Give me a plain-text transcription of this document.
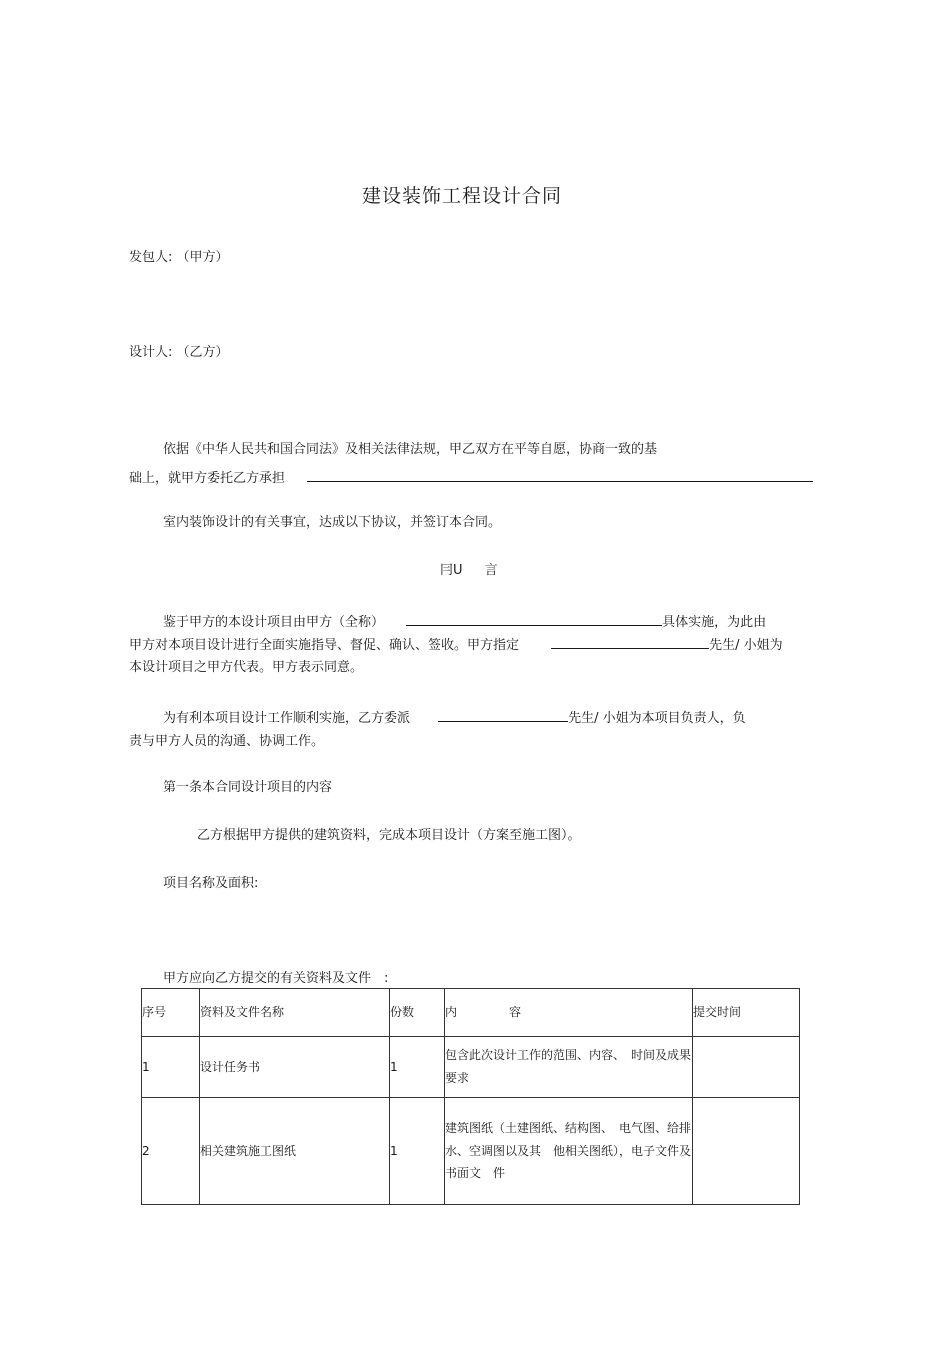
建设装饰工程设计合同
发包人: （甲方）
设计人: （乙方）
依据《中华人民共和国合同法》及相关法律法规，甲乙双方在平等自愿，协商一致的基
础上，就甲方委托乙方承担
室内装饰设计的有关事宜，达成以下协议，并签订本合同。
冃U 言
鉴于甲方的本设计项目由甲方（全称）	具体实施，为此由
甲方对本项目设计进行全面实施指导、督促、确认、签收。甲方指定	先生/ 小姐为
本设计项目之甲方代表。甲方表示同意。
为有利本项目设计工作顺利实施，乙方委派	先生/ 小姐为本项目负责人，负
责与甲方人员的沟通、协调工作。
第一条本合同设计项目的内容
乙方根据甲方提供的建筑资料，完成本项目设计（方案至施工图）。
项目名称及面积:
甲方应向乙方提交的有关资料及文件　:
序号	资料及文件名称	份数	内 容	提交时间
1	设计任务书	1	包含此次设计工作的范围、内容、　时间及成果要求	
2	相关建筑施工图纸	1	建筑图纸（土建图纸、结构图、　电气图、给排水、空调图以及其　他相关图纸），电子文件及书面文　件	
